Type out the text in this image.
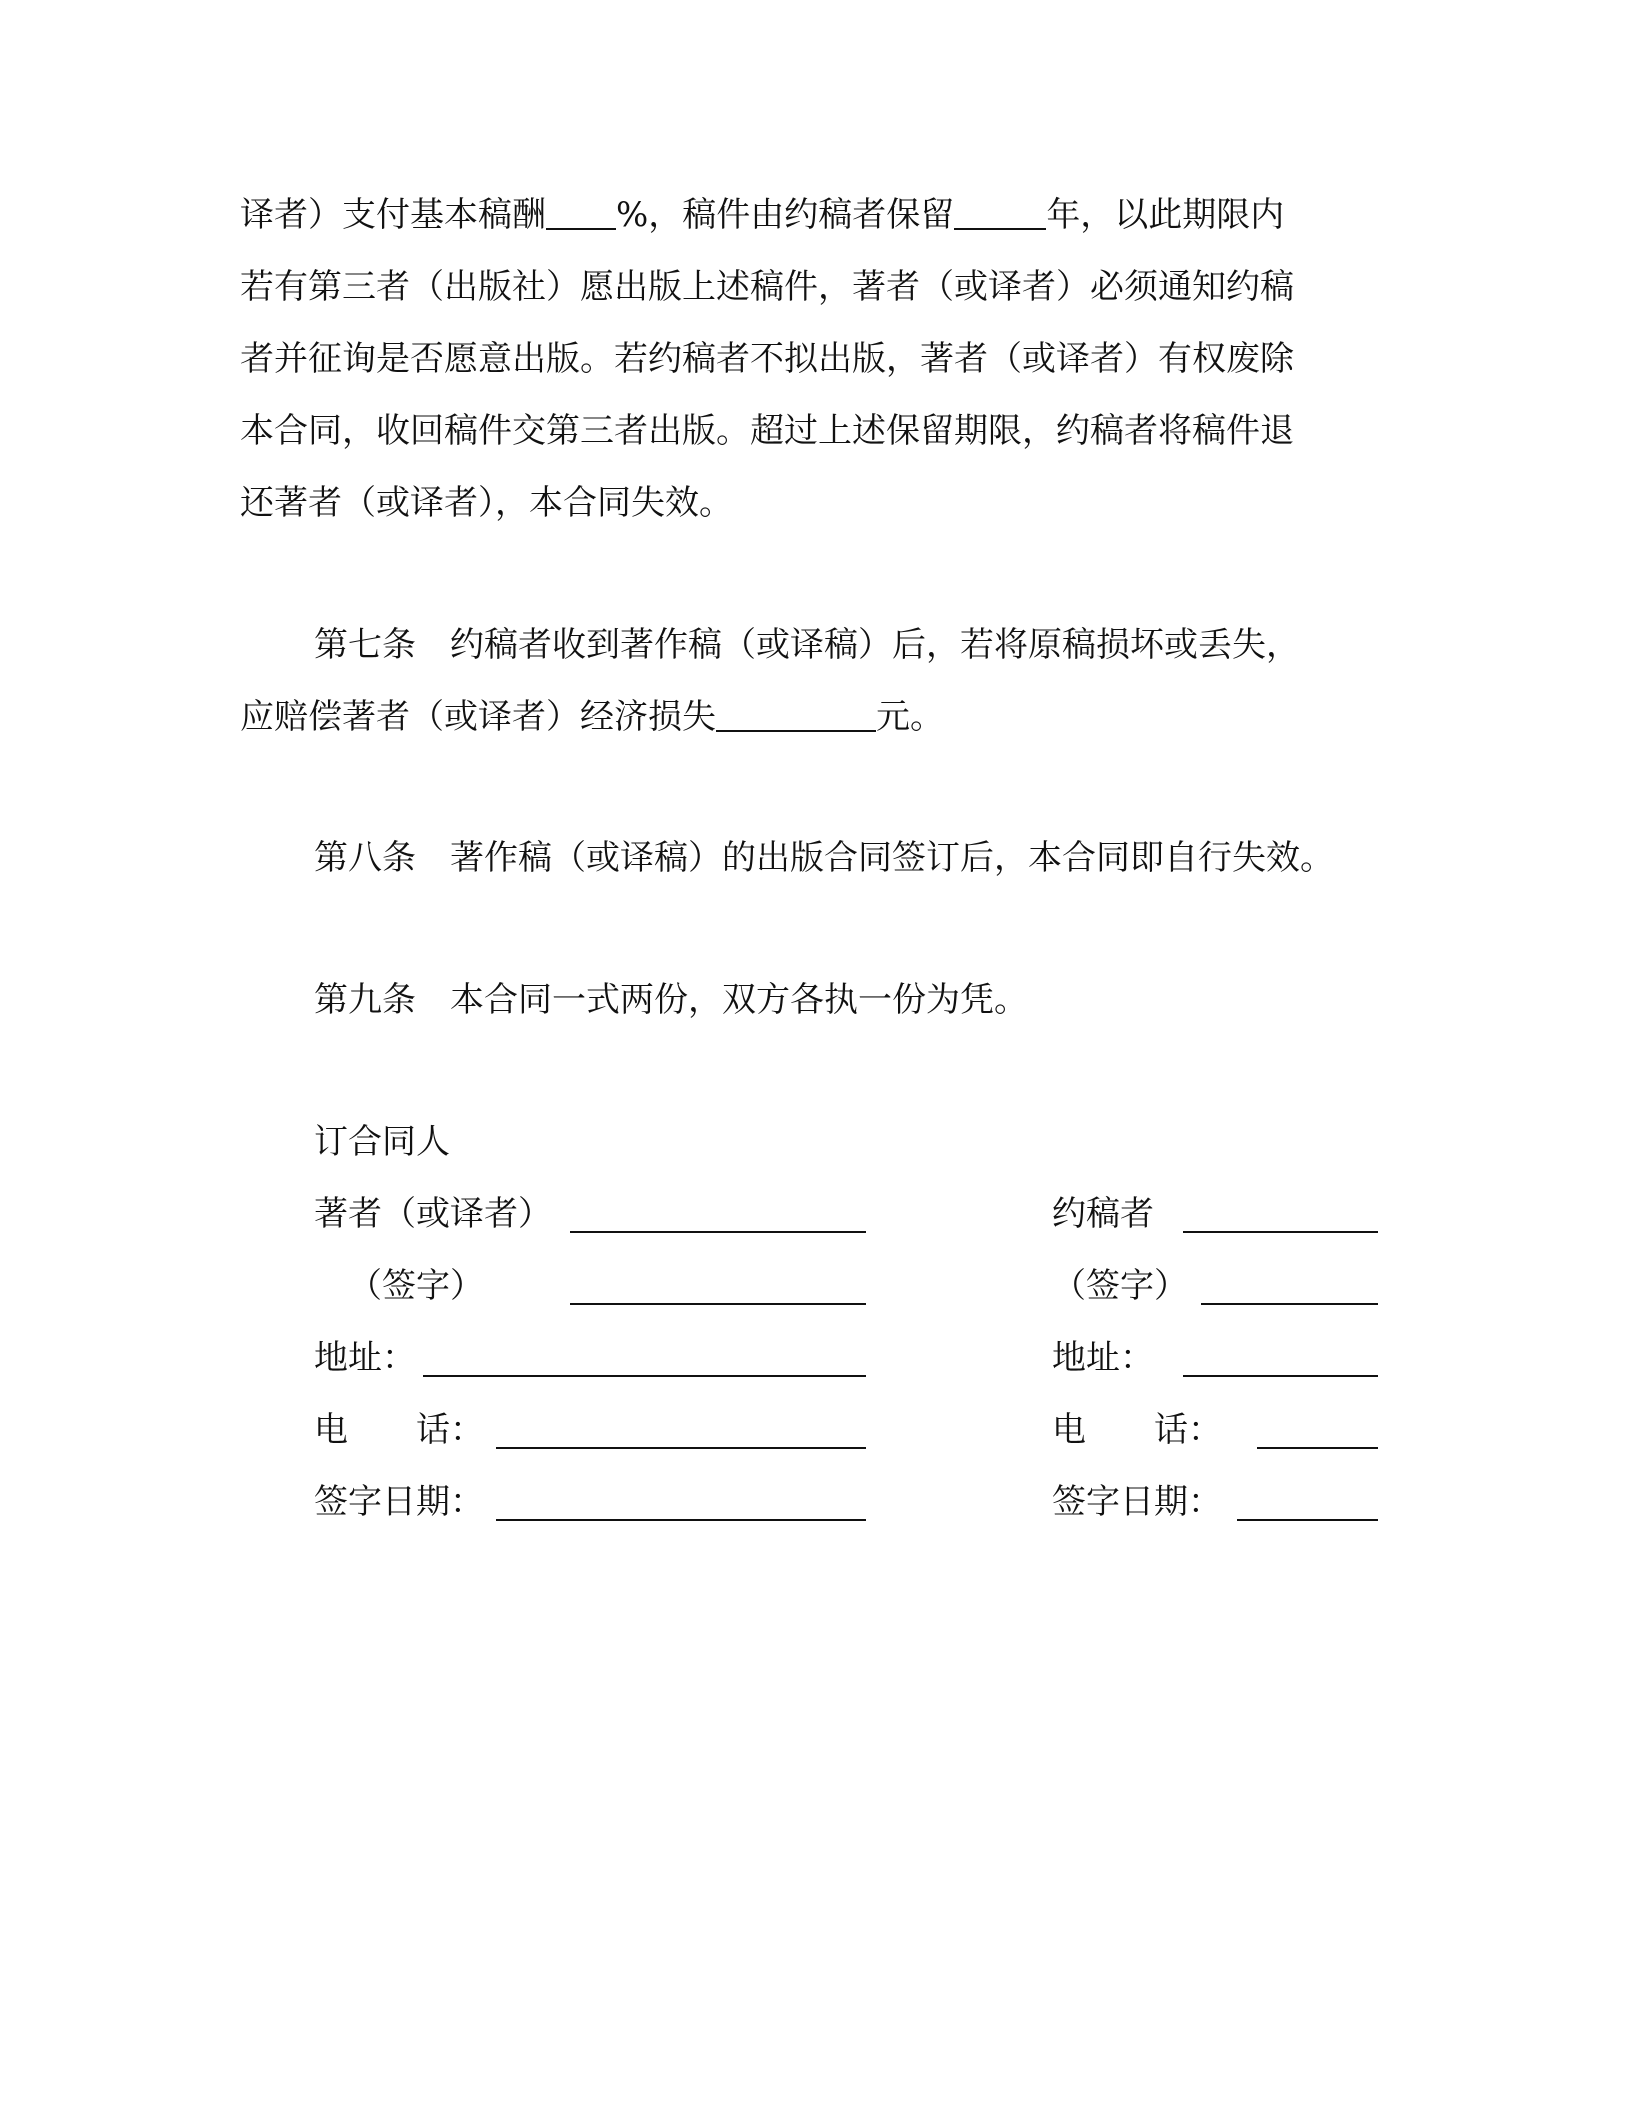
译者）支付基本稿酬 %，稿件由约稿者保留	年，以此期限内
若有第三者（出版社）愿出版上述稿件，著者（或译者）必须通知约稿
者并征询是否愿意出版。若约稿者不拟出版，著者（或译者）有权废除
本合同，收回稿件交第三者出版。超过上述保留期限，约稿者将稿件退
还著者（或译者），本合同失效。
第七条　约稿者收到著作稿（或译稿）后，若将原稿损坏或丢失，
应赔偿著者（或译者）经济损失	元。
第八条　著作稿（或译稿）的出版合同签订后，本合同即自行失效。
第九条　本合同一式两份，双方各执一份为凭。
订合同人
著者（或译者）
（签字）
地址：
电　　话：
签字日期：
约稿者
（签字）
地址：
电　　话：
签字日期：
